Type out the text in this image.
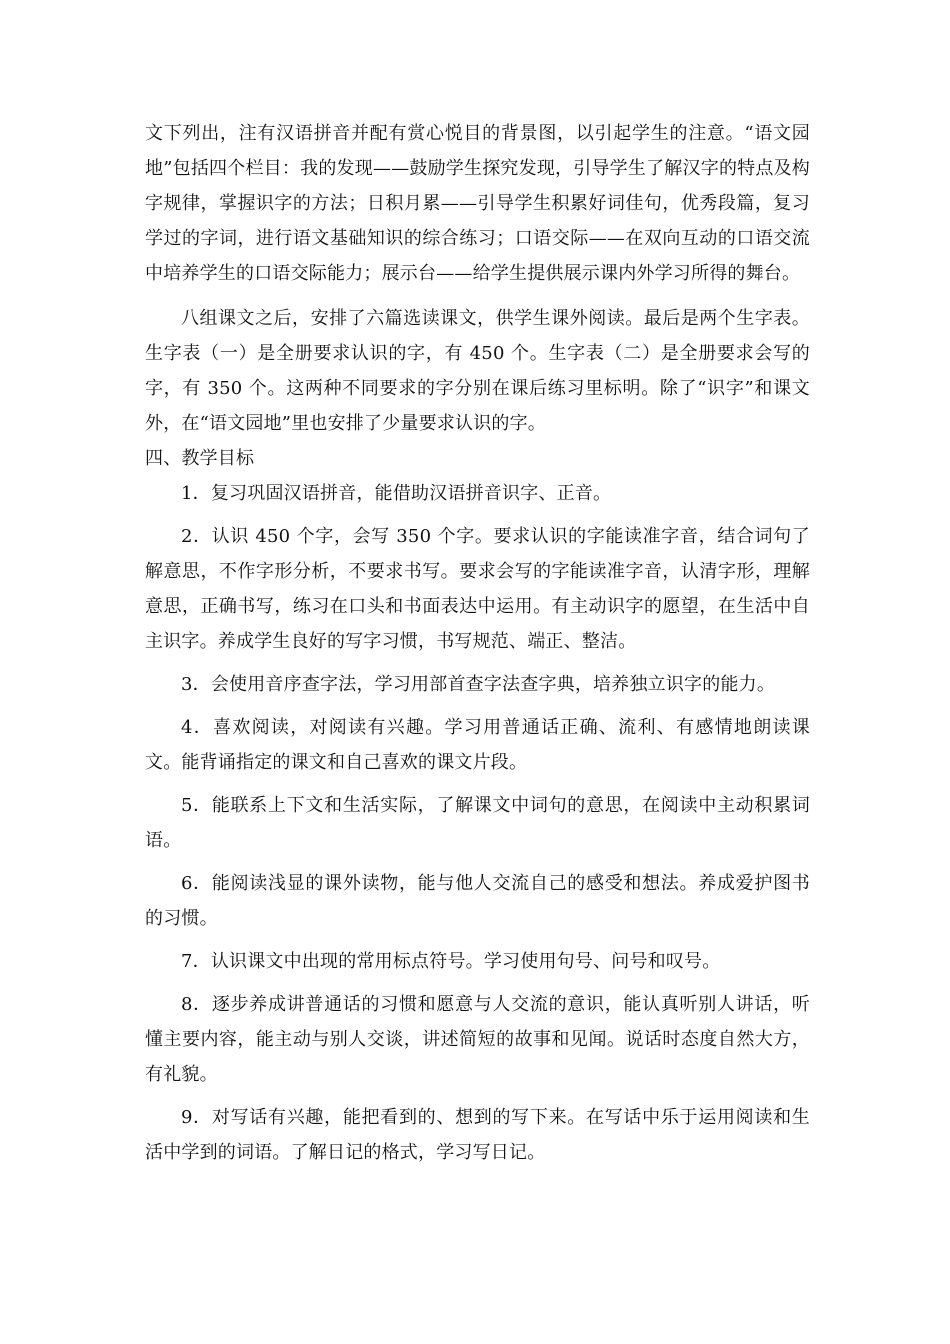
文下列出，注有汉语拼音并配有赏心悦目的背景图，以引起学生的注意。“语文园地”包括四个栏目：我的发现——鼓励学生探究发现，引导学生了解汉字的特点及构字规律，掌握识字的方法；日积月累——引导学生积累好词佳句，优秀段篇，复习学过的字词，进行语文基础知识的综合练习；口语交际——在双向互动的口语交流中培养学生的口语交际能力；展示台——给学生提供展示课内外学习所得的舞台。

八组课文之后，安排了六篇选读课文，供学生课外阅读。最后是两个生字表。生字表（一）是全册要求认识的字，有 450 个。生字表（二）是全册要求会写的字，有 350 个。这两种不同要求的字分别在课后练习里标明。除了“识字”和课文外，在“语文园地”里也安排了少量要求认识的字。

四、教学目标

1．复习巩固汉语拼音，能借助汉语拼音识字、正音。

2．认识 450 个字，会写 350 个字。要求认识的字能读准字音，结合词句了解意思，不作字形分析，不要求书写。要求会写的字能读准字音，认清字形，理解意思，正确书写，练习在口头和书面表达中运用。有主动识字的愿望，在生活中自主识字。养成学生良好的写字习惯，书写规范、端正、整洁。

3．会使用音序查字法，学习用部首查字法查字典，培养独立识字的能力。

4．喜欢阅读，对阅读有兴趣。学习用普通话正确、流利、有感情地朗读课文。能背诵指定的课文和自己喜欢的课文片段。

5．能联系上下文和生活实际，了解课文中词句的意思，在阅读中主动积累词语。

6．能阅读浅显的课外读物，能与他人交流自己的感受和想法。养成爱护图书的习惯。

7．认识课文中出现的常用标点符号。学习使用句号、问号和叹号。

8．逐步养成讲普通话的习惯和愿意与人交流的意识，能认真听别人讲话，听懂主要内容，能主动与别人交谈，讲述简短的故事和见闻。说话时态度自然大方，有礼貌。

9．对写话有兴趣，能把看到的、想到的写下来。在写话中乐于运用阅读和生活中学到的词语。了解日记的格式，学习写日记。
